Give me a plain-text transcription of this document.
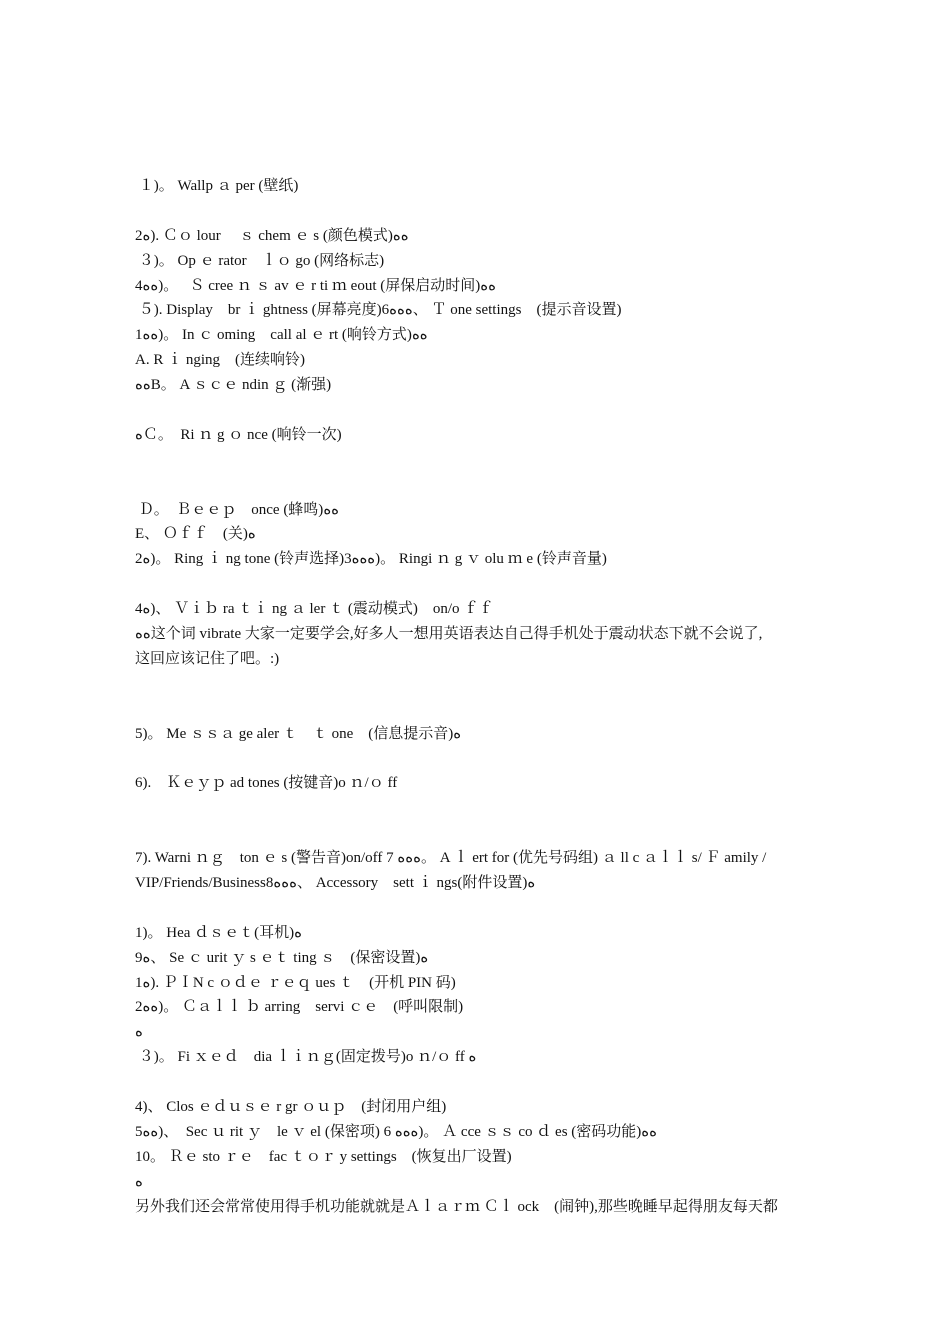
１)。 Wallp ａ per (壁纸)
2ﻩ). Ｃｏ lour　 ｓ chem ｅ s (颜色模式)ﻩﻩ
３)。 Op ｅ rator　ｌｏ go (网络标志)
4ﻩﻩ)。　 Ｓ cree ｎ ｓ av ｅ r ti ｍ eout (屏保启动时间)ﻩﻩ
５). Display　br ｉ ghtness (屏幕亮度)6ﻩﻩﻩ、 Ｔ one settings　(提示音设置)
1ﻩﻩ)。 In ｃ oming　call al ｅ rt (响铃方式)ﻩﻩ
A. R ｉ nging　(连续响铃)
ﻩﻩB。 A ｓｃｅ ndin ｇ (渐强)
ﻩＣ。　Ri ｎ g ｏ nce (响铃一次)
Ｄ。　Ｂｅｅｐ　once (蜂鸣)ﻩﻩ
E、 Ｏｆｆ　(关)ﻩ
2ﻩ)。 Ring ｉ ng tone (铃声选择)3ﻩﻩﻩ)。 Ringi ｎ g ｖ olu ｍ e (铃声音量)
4ﻩ)、 Ｖｉｂ ra ｔｉ ng ａ ler ｔ (震动模式)　on/o ｆｆ
ﻩﻩ这个词 vibrate 大家一定要学会,好多人一想用英语表达自己得手机处于震动状态下就不会说了,
这回应该记住了吧。:)
5)。 Me ｓｓａ ge aler ｔ　ｔ one　(信息提示音)ﻩ
6).　Ｋｅｙｐ ad tones (按键音)o ｎ/ｏ ff
7). Warni ｎｇ　ton ｅ s (警告音)on/off 7 ﻩﻩﻩ。 A ｌ ert for (优先号码组) ａ ll c ａｌｌ s/ Ｆ amily /
VIP/Friends/Business8ﻩﻩﻩ、 Accessory　sett ｉ ngs(附件设置)ﻩ
1)。 Hea ｄｓｅｔ(耳机)ﻩ
9ﻩ、 Se ｃ urit ｙ s ｅｔ ting ｓ　(保密设置)ﻩ
1ﻩ). ＰＩN c ｏｄｅ ｒｅｑ ues ｔ　(开机 PIN 码)
2ﻩﻩ)。 Ｃａｌｌ ｂ arring　servi ｃｅ　(呼叫限制)
ﻩ
３)。 Fi ｘｅｄ　dia ｌｉｎｇ(固定拨号)o ｎ/ｏ ff ﻩ
4)、 Clos ｅｄｕｓｅ r gr ｏｕｐ　(封闭用户组)
5ﻩﻩ)、　Sec ｕ rit ｙ　le ｖ el (保密项) 6 ﻩﻩﻩ)。 Ａ cce ｓｓ co ｄ es (密码功能)ﻩﻩ
10。 Ｒｅ sto ｒｅ　fac ｔｏｒ y settings　(恢复出厂设置)
ﻩ
另外我们还会常常使用得手机功能就就是Ａｌａｒｍ Ｃｌ ock　(闹钟),那些晚睡早起得朋友每天都
